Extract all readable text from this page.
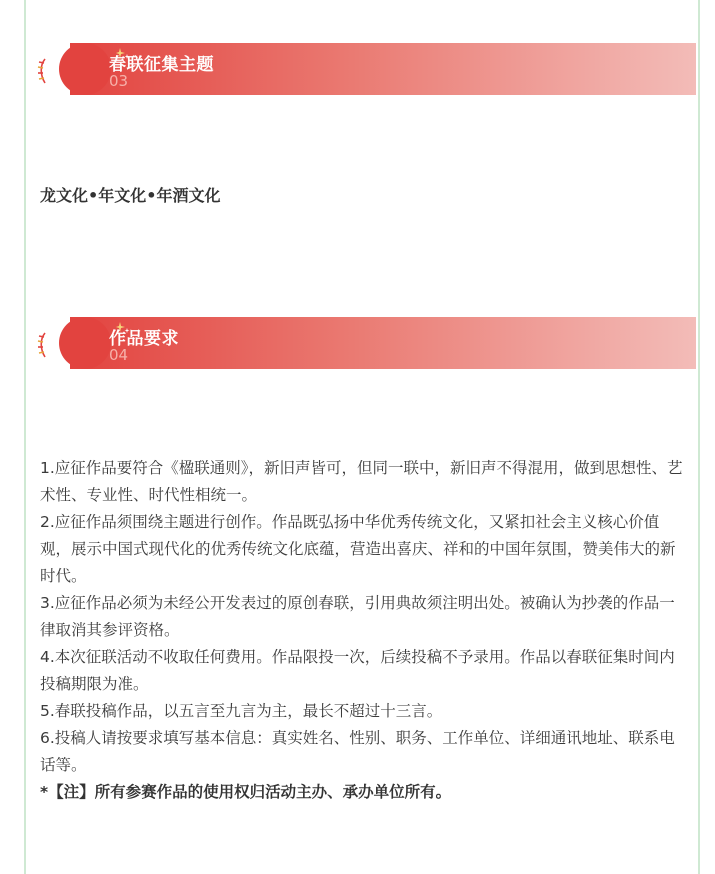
春联征集主题
03
龙文化•年文化•年酒文化
作品要求
04

1.应征作品要符合《楹联通则》，新旧声皆可，但同一联中，新旧声不得混用，做到思想性、艺术性、专业性、时代性相统一。

2.应征作品须围绕主题进行创作。作品既弘扬中华优秀传统文化，又紧扣社会主义核心价值观，展示中国式现代化的优秀传统文化底蕴，营造出喜庆、祥和的中国年氛围，赞美伟大的新时代。

3.应征作品必须为未经公开发表过的原创春联，引用典故须注明出处。被确认为抄袭的作品一律取消其参评资格。

4.本次征联活动不收取任何费用。作品限投一次，后续投稿不予录用。作品以春联征集时间内投稿期限为准。

5.春联投稿作品，以五言至九言为主，最长不超过十三言。

6.投稿人请按要求填写基本信息：真实姓名、性别、职务、工作单位、详细通讯地址、联系电话等。

*【注】所有参赛作品的使用权归活动主办、承办单位所有。
